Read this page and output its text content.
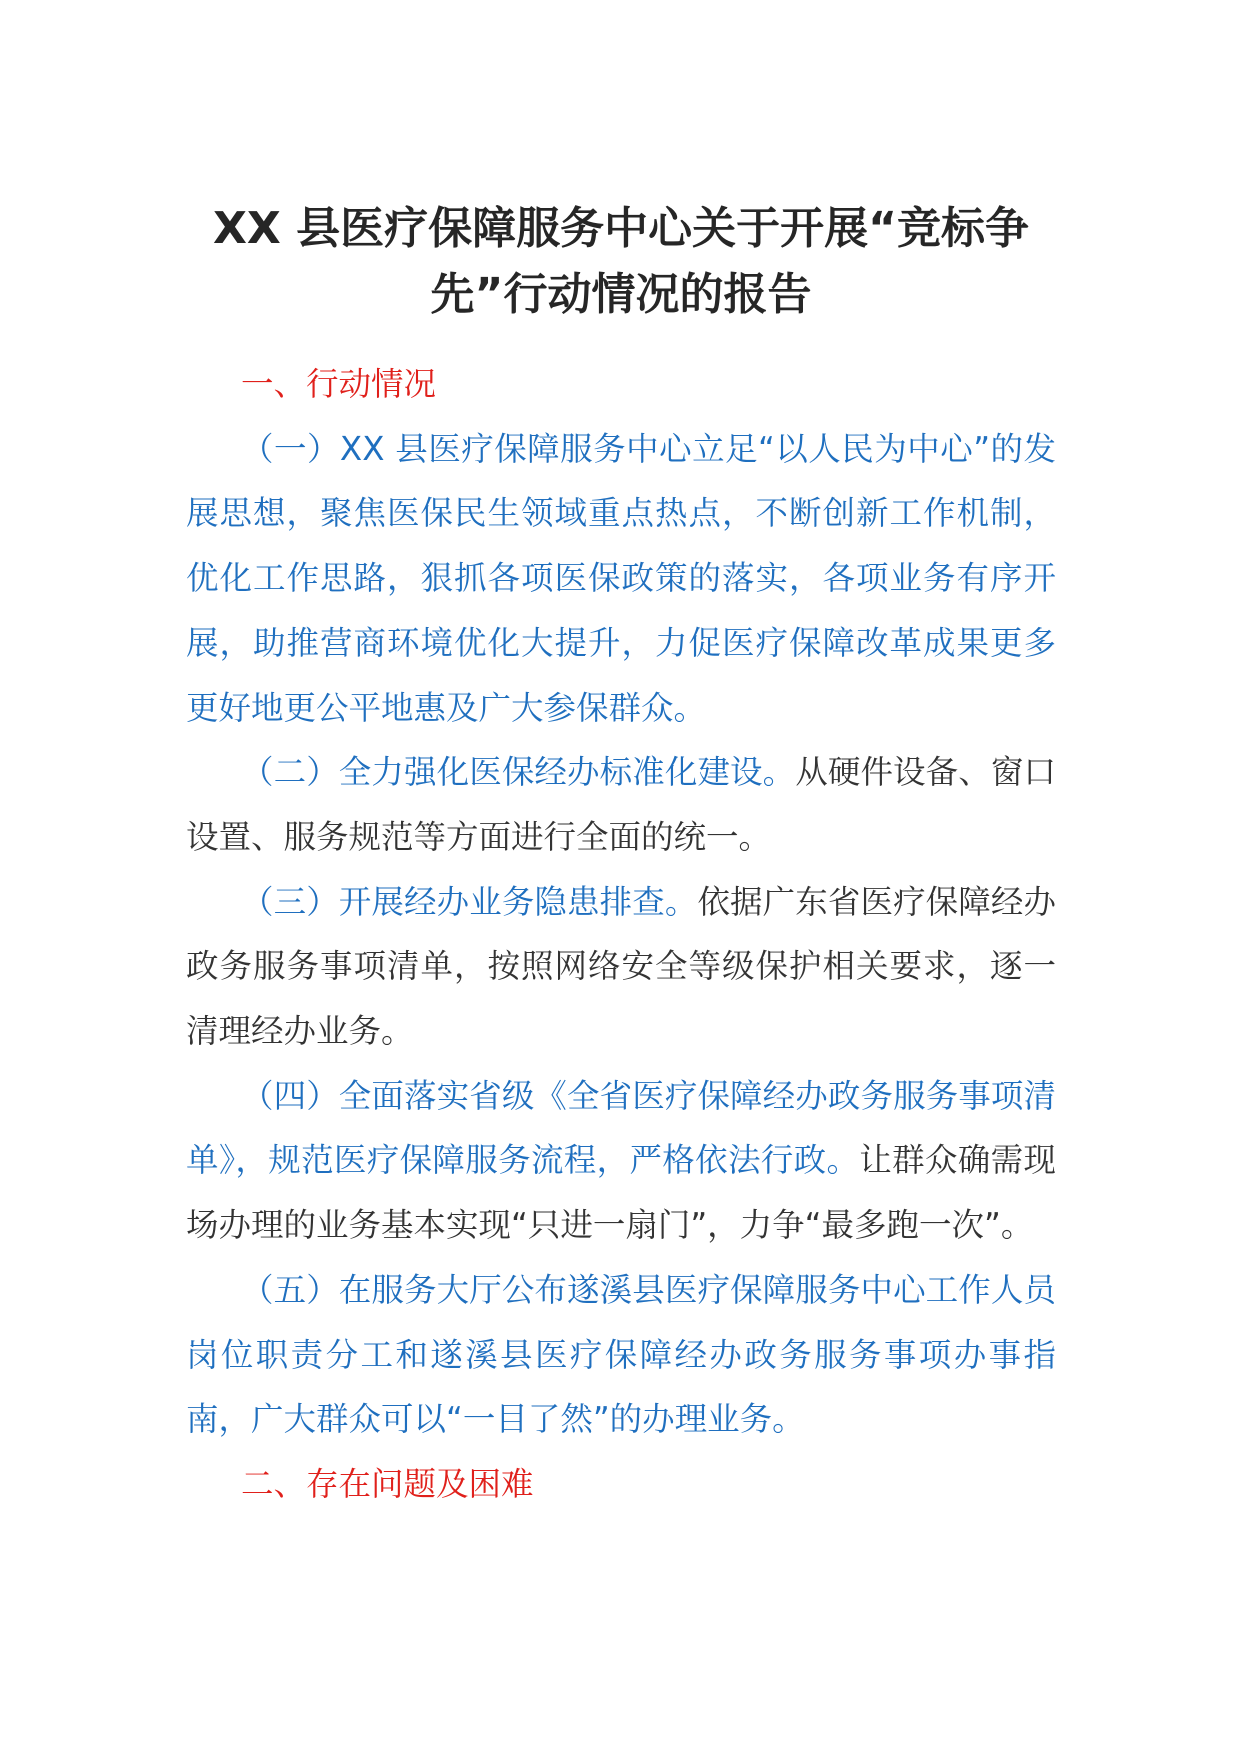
XX 县医疗保障服务中心关于开展“竞标争先”行动情况的报告
一、行动情况

（一）XX 县医疗保障服务中心立足“以人民为中心”的发展思想，聚焦医保民生领域重点热点，不断创新工作机制，优化工作思路，狠抓各项医保政策的落实，各项业务有序开展，助推营商环境优化大提升，力促医疗保障改革成果更多更好地更公平地惠及广大参保群众。

（二）全力强化医保经办标准化建设。从硬件设备、窗口设置、服务规范等方面进行全面的统一。

（三）开展经办业务隐患排查。依据广东省医疗保障经办政务服务事项清单，按照网络安全等级保护相关要求，逐一清理经办业务。

（四）全面落实省级《全省医疗保障经办政务服务事项清单》，规范医疗保障服务流程，严格依法行政。让群众确需现场办理的业务基本实现“只进一扇门”，力争“最多跑一次”。

（五）在服务大厅公布遂溪县医疗保障服务中心工作人员岗位职责分工和遂溪县医疗保障经办政务服务事项办事指南，广大群众可以“一目了然”的办理业务。

二、存在问题及困难
